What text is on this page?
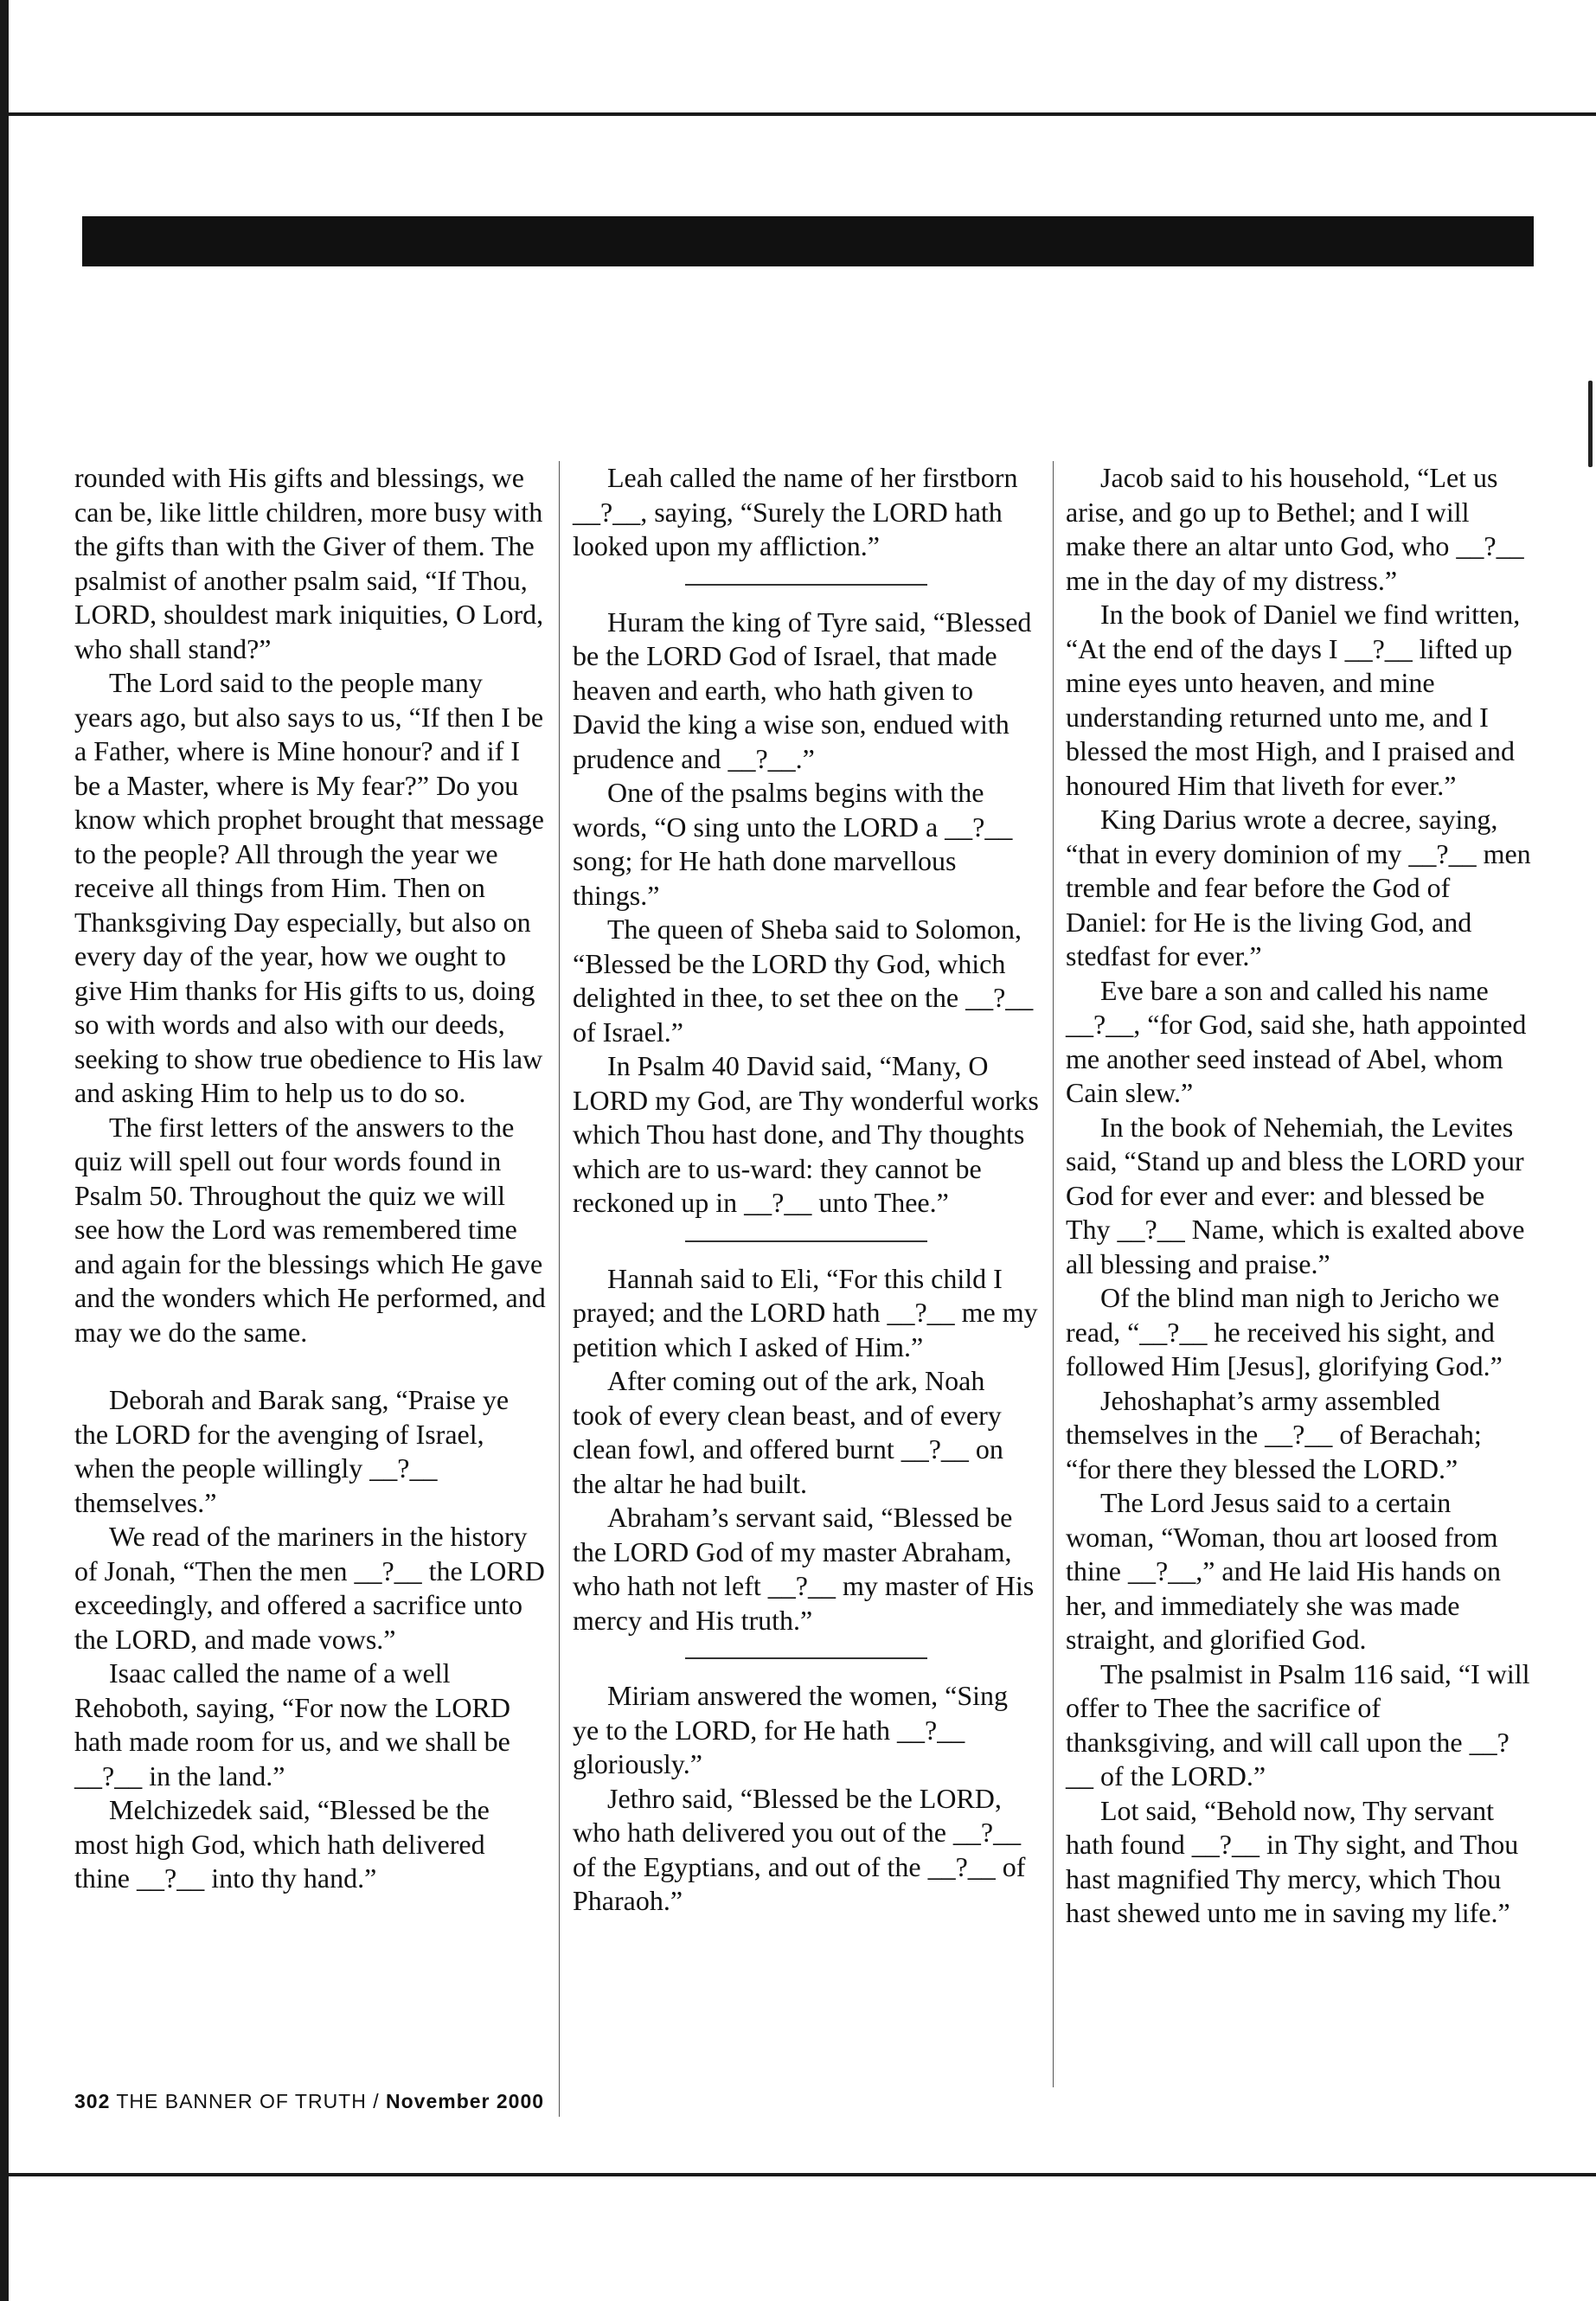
rounded with His gifts and blessings, we can be, like little children, more busy with the gifts than with the Giver of them. The psalmist of another psalm said, “If Thou, LORD, shouldest mark iniquities, O Lord, who shall stand?”

The Lord said to the people many years ago, but also says to us, “If then I be a Father, where is Mine honour? and if I be a Master, where is My fear?” Do you know which prophet brought that message to the people? All through the year we receive all things from Him. Then on Thanksgiving Day especially, but also on every day of the year, how we ought to give Him thanks for His gifts to us, doing so with words and also with our deeds, seeking to show true obedience to His law and asking Him to help us to do so.

The first letters of the answers to the quiz will spell out four words found in Psalm 50. Throughout the quiz we will see how the Lord was remembered time and again for the blessings which He gave and the wonders which He performed, and may we do the same.

Deborah and Barak sang, “Praise ye the LORD for the avenging of Israel, when the people willingly __?__ themselves.”

We read of the mariners in the history of Jonah, “Then the men __?__ the LORD exceedingly, and offered a sacrifice unto the LORD, and made vows.”

Isaac called the name of a well Rehoboth, saying, “For now the LORD hath made room for us, and we shall be __?__ in the land.”

Melchizedek said, “Blessed be the most high God, which hath delivered thine __?__ into thy hand.”

Leah called the name of her firstborn __?__, saying, “Surely the LORD hath looked upon my affliction.”

Huram the king of Tyre said, “Blessed be the LORD God of Israel, that made heaven and earth, who hath given to David the king a wise son, endued with prudence and __?__.”

One of the psalms begins with the words, “O sing unto the LORD a __?__ song; for He hath done marvellous things.”

The queen of Sheba said to Solomon, “Blessed be the LORD thy God, which delighted in thee, to set thee on the __?__ of Israel.”

In Psalm 40 David said, “Many, O LORD my God, are Thy wonderful works which Thou hast done, and Thy thoughts which are to us-ward: they cannot be reckoned up in __?__ unto Thee.”

Hannah said to Eli, “For this child I prayed; and the LORD hath __?__ me my petition which I asked of Him.”

After coming out of the ark, Noah took of every clean beast, and of every clean fowl, and offered burnt __?__ on the altar he had built.

Abraham’s servant said, “Blessed be the LORD God of my master Abraham, who hath not left __?__ my master of His mercy and His truth.”

Miriam answered the women, “Sing ye to the LORD, for He hath __?__ gloriously.”

Jethro said, “Blessed be the LORD, who hath delivered you out of the __?__ of the Egyptians, and out of the __?__ of Pharaoh.”

Jacob said to his household, “Let us arise, and go up to Bethel; and I will make there an altar unto God, who __?__ me in the day of my distress.”

In the book of Daniel we find written, “At the end of the days I __?__ lifted up mine eyes unto heaven, and mine understanding returned unto me, and I blessed the most High, and I praised and honoured Him that liveth for ever.”

King Darius wrote a decree, saying, “that in every dominion of my __?__ men tremble and fear before the God of Daniel: for He is the living God, and stedfast for ever.”

Eve bare a son and called his name __?__, “for God, said she, hath appointed me another seed instead of Abel, whom Cain slew.”

In the book of Nehemiah, the Levites said, “Stand up and bless the LORD your God for ever and ever: and blessed be Thy __?__ Name, which is exalted above all blessing and praise.”

Of the blind man nigh to Jericho we read, “__?__ he received his sight, and followed Him [Jesus], glorifying God.”

Jehoshaphat’s army assembled themselves in the __?__ of Berachah; “for there they blessed the LORD.”

The Lord Jesus said to a certain woman, “Woman, thou art loosed from thine __?__,” and He laid His hands on her, and immediately she was made straight, and glorified God.

The psalmist in Psalm 116 said, “I will offer to Thee the sacrifice of thanksgiving, and will call upon the __?__ of the LORD.”

Lot said, “Behold now, Thy servant hath found __?__ in Thy sight, and Thou hast magnified Thy mercy, which Thou hast shewed unto me in saving my life.”

302 THE BANNER OF TRUTH / November 2000
